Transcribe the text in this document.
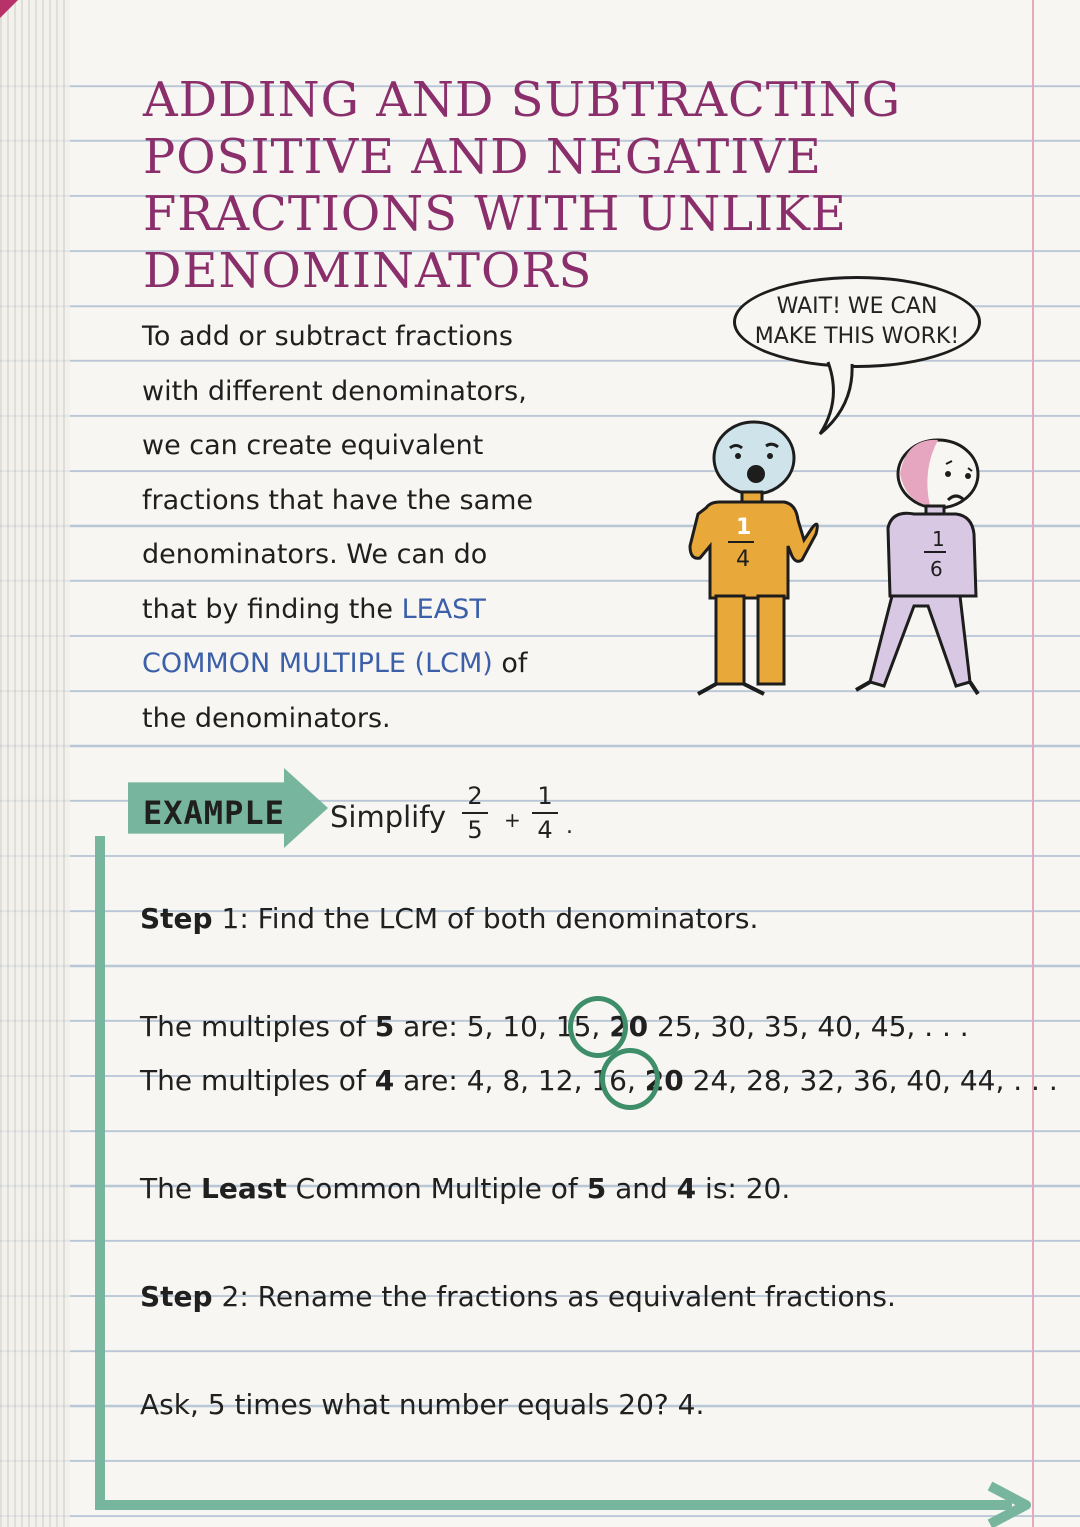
ADDING AND SUBTRACTING
POSITIVE AND NEGATIVE
FRACTIONS WITH UNLIKE
DENOMINATORS

To add or subtract fractions
with different denominators,
we can create equivalent
fractions that have the same
denominators. We can do
that by finding the LEAST
COMMON MULTIPLE (LCM) of
the denominators.

WAIT! WE CAN
MAKE THIS WORK!
1
4
1
6
EXAMPLE Simplify
2
5 +
1
4 .
Step 1: Find the LCM of both denominators.
The multiples of 5 are: 5, 10, 15, 20 25, 30, 35, 40, 45, . . .
The multiples of 4 are: 4, 8, 12, 16, 20 24, 28, 32, 36, 40, 44, . . .
The Least Common Multiple of 5 and 4 is: 20.
Step 2: Rename the fractions as equivalent fractions.
Ask, 5 times what number equals 20? 4.
